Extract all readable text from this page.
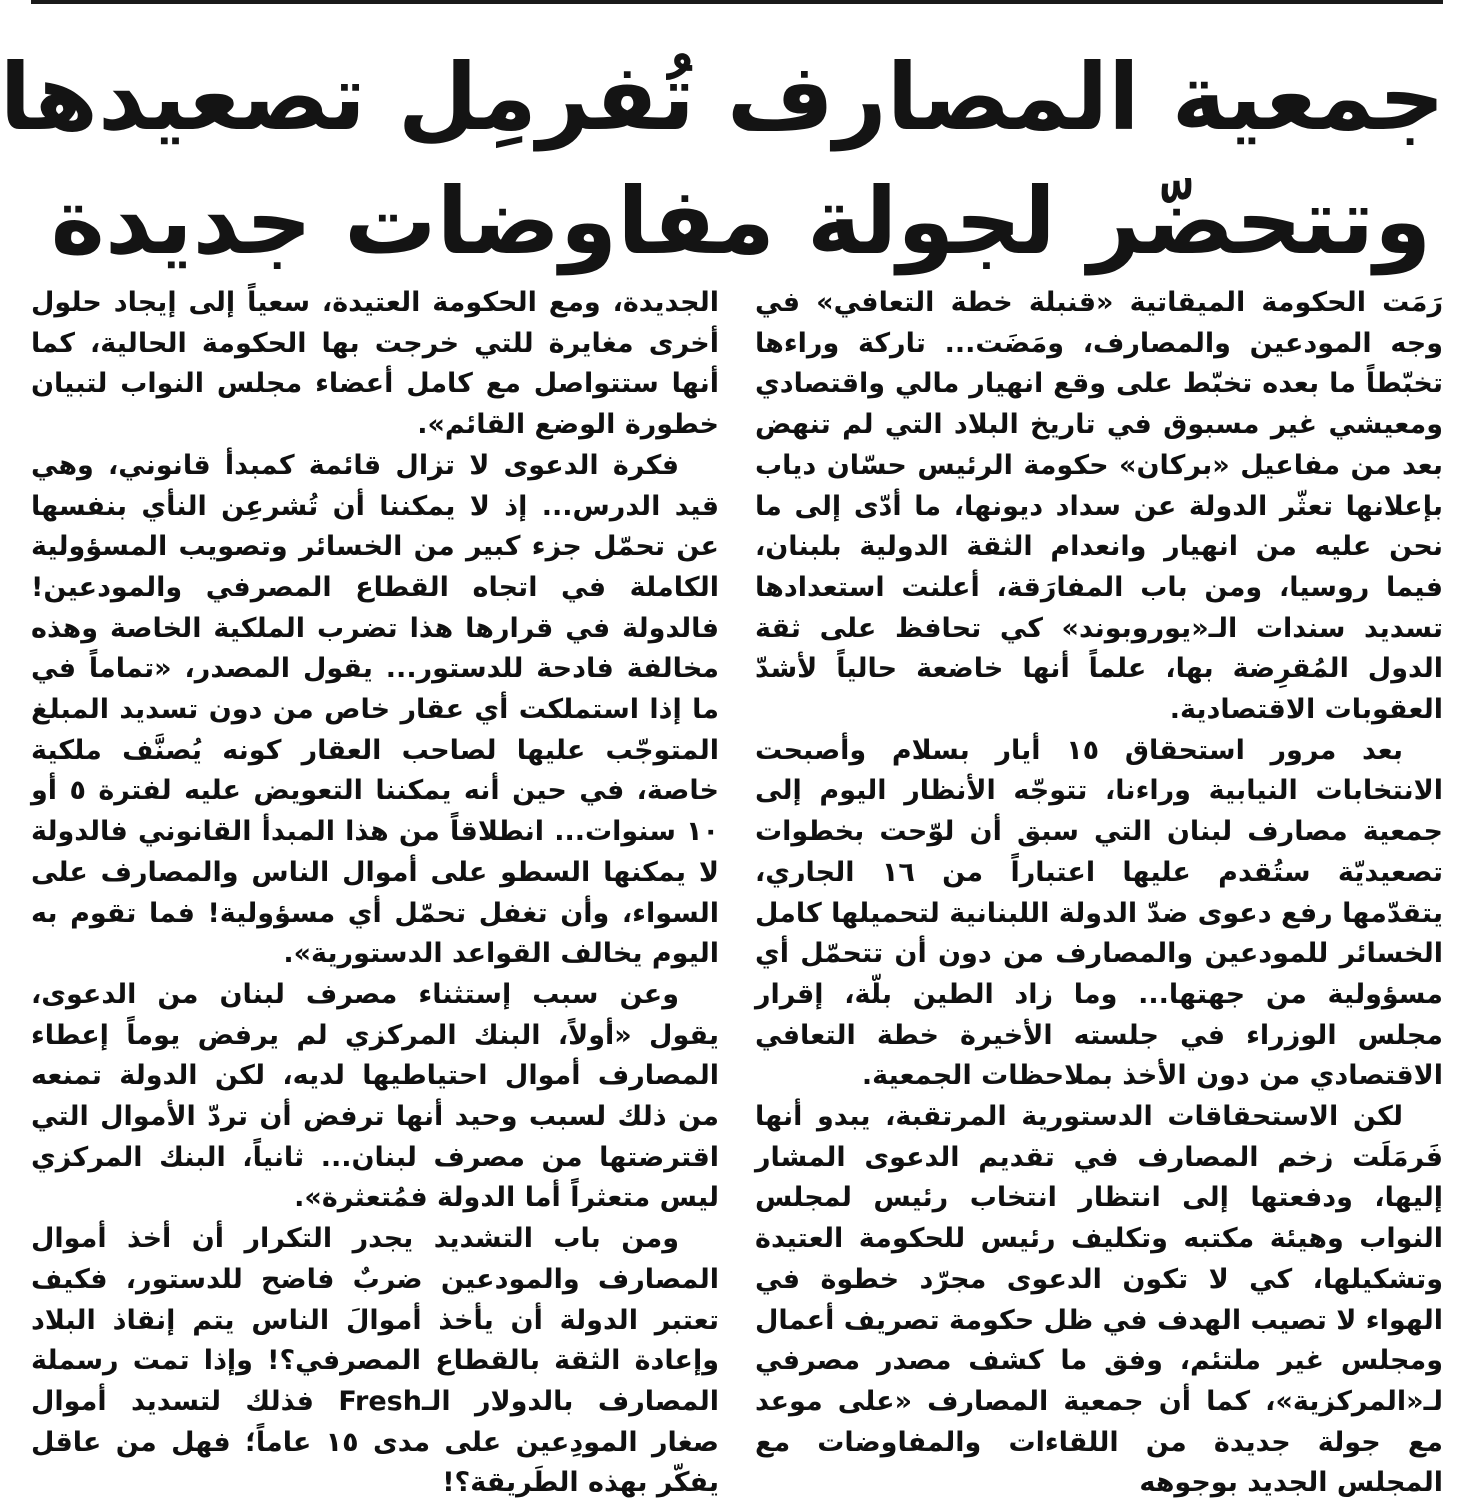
جمعية المصارف تُفرمِل تصعيدها
وتتحضّر لجولة مفاوضات جديدة

رَمَت الحكومة الميقاتية «قنبلة خطة التعافي» في وجه المودعين والمصارف، ومَضَت... تاركة وراءها تخبّطاً ما بعده تخبّط على وقع انهيار مالي واقتصادي ومعيشي غير مسبوق في تاريخ البلاد التي لم تنهض بعد من مفاعيل «بركان» حكومة الرئيس حسّان دياب بإعلانها تعثّر الدولة عن سداد ديونها، ما أدّى إلى ما نحن عليه من انهيار وانعدام الثقة الدولية بلبنان، فيما روسيا، ومن باب المفارَقة، أعلنت استعدادها تسديد سندات الـ«يوروبوند» كي تحافظ على ثقة الدول المُقرِضة بها، علماً أنها خاضعة حالياً لأشدّ العقوبات الاقتصادية.

بعد مرور استحقاق ١٥ أيار بسلام وأصبحت الانتخابات النيابية وراءنا، تتوجّه الأنظار اليوم إلى جمعية مصارف لبنان التي سبق أن لوّحت بخطوات تصعيديّة ستُقدم عليها اعتباراً من ١٦ الجاري، يتقدّمها رفع دعوى ضدّ الدولة اللبنانية لتحميلها كامل الخسائر للمودعين والمصارف من دون أن تتحمّل أي مسؤولية من جهتها... وما زاد الطين بلّة، إقرار مجلس الوزراء في جلسته الأخيرة خطة التعافي الاقتصادي من دون الأخذ بملاحظات الجمعية.

لكن الاستحقاقات الدستورية المرتقبة، يبدو أنها فَرمَلَت زخم المصارف في تقديم الدعوى المشار إليها، ودفعتها إلى انتظار انتخاب رئيس لمجلس النواب وهيئة مكتبه وتكليف رئيس للحكومة العتيدة وتشكيلها، كي لا تكون الدعوى مجرّد خطوة في الهواء لا تصيب الهدف في ظل حكومة تصريف أعمال ومجلس غير ملتئم، وفق ما كشف مصدر مصرفي لـ«المركزية»، كما أن جمعية المصارف «على موعد مع جولة جديدة من اللقاءات والمفاوضات مع المجلس الجديد بوجوهه

الجديدة، ومع الحكومة العتيدة، سعياً إلى إيجاد حلول أخرى مغايرة للتي خرجت بها الحكومة الحالية، كما أنها ستتواصل مع كامل أعضاء مجلس النواب لتبيان خطورة الوضع القائم».

فكرة الدعوى لا تزال قائمة كمبدأ قانوني، وهي قيد الدرس... إذ لا يمكننا أن تُشرعِن النأي بنفسها عن تحمّل جزء كبير من الخسائر وتصويب المسؤولية الكاملة في اتجاه القطاع المصرفي والمودعين! فالدولة في قرارها هذا تضرب الملكية الخاصة وهذه مخالفة فادحة للدستور... يقول المصدر، «تماماً في ما إذا استملكت أي عقار خاص من دون تسديد المبلغ المتوجّب عليها لصاحب العقار كونه يُصنَّف ملكية خاصة، في حين أنه يمكننا التعويض عليه لفترة ٥ أو ١٠ سنوات... انطلاقاً من هذا المبدأ القانوني فالدولة لا يمكنها السطو على أموال الناس والمصارف على السواء، وأن تغفل تحمّل أي مسؤولية! فما تقوم به اليوم يخالف القواعد الدستورية».

وعن سبب إستثناء مصرف لبنان من الدعوى، يقول «أولاً، البنك المركزي لم يرفض يوماً إعطاء المصارف أموال احتياطيها لديه، لكن الدولة تمنعه من ذلك لسبب وحيد أنها ترفض أن تردّ الأموال التي اقترضتها من مصرف لبنان... ثانياً، البنك المركزي ليس متعثراً أما الدولة فمُتعثرة».

ومن باب التشديد يجدر التكرار أن أخذ أموال المصارف والمودعين ضربٌ فاضح للدستور، فكيف تعتبر الدولة أن يأخذ أموالَ الناس يتم إنقاذ البلاد وإعادة الثقة بالقطاع المصرفي؟! وإذا تمت رسملة المصارف بالدولار الـFresh فذلك لتسديد أموال صغار المودِعين على مدى ١٥ عاماً؛ فهل من عاقل يفكّر بهذه الطَريقة؟!
